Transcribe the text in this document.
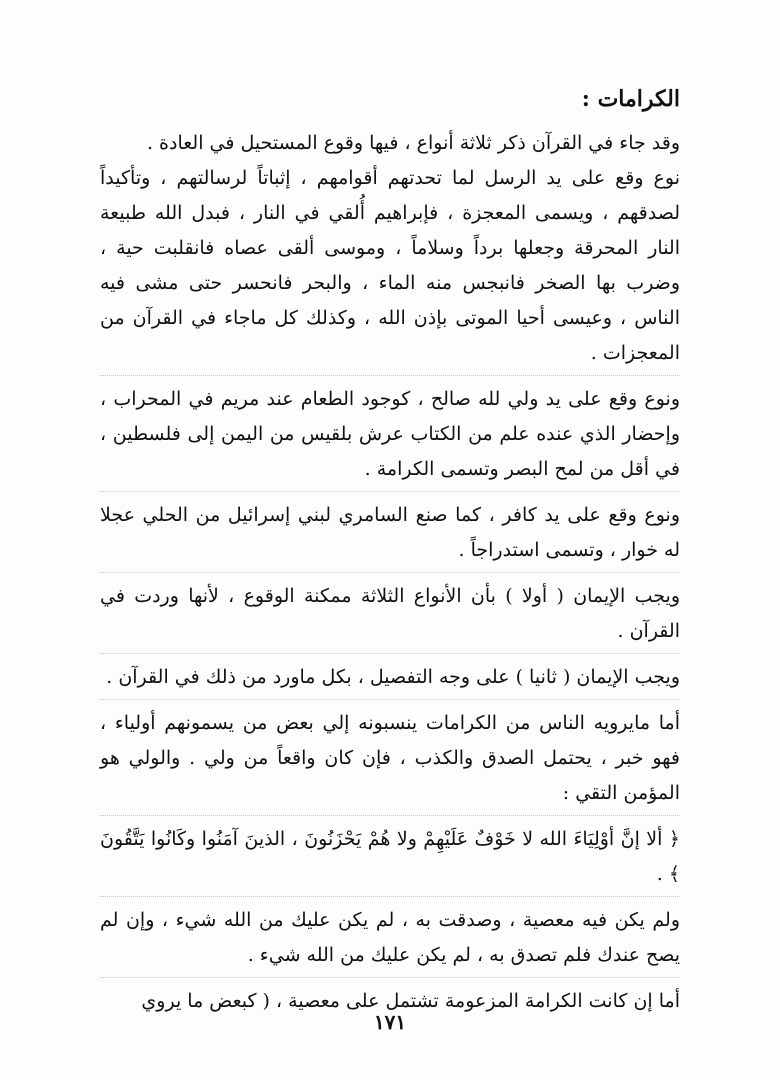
الكرامات :

وقد جاء في القرآن ذكر ثلاثة أنواع ، فيها وقوع المستحيل في العادة .

نوع وقع على يد الرسل لما تحدتهم أقوامهم ، إثباتاً لرسالتهم ، وتأكيداً لصدقهم ، ويسمى المعجزة ، فإبراهيم أُلقي في النار ، فبدل الله طبيعة النار المحرقة وجعلها برداً وسلاماً ، وموسى ألقى عصاه فانقلبت حية ، وضرب بها الصخر فانبجس منه الماء ، والبحر فانحسر حتى مشى فيه الناس ، وعيسى أحيا الموتى بإذن الله ، وكذلك كل ماجاء في القرآن من المعجزات .

ونوع وقع على يد ولي لله صالح ، كوجود الطعام عند مريم في المحراب ، وإحضار الذي عنده علم من الكتاب عرش بلقيس من اليمن إلى فلسطين ، في أقل من لمح البصر وتسمى الكرامة .

ونوع وقع على يد كافر ، كما صنع السامري لبني إسرائيل من الحلي عجلا له خوار ، وتسمى استدراجاً .

ويجب الإيمان ( أولا ) بأن الأنواع الثلاثة ممكنة الوقوع ، لأنها وردت في القرآن .

ويجب الإيمان ( ثانيا ) على وجه التفصيل ، بكل ماورد من ذلك في القرآن .

أما مايرويه الناس من الكرامات ينسبونه إلي بعض من يسمونهم أولياء ، فهو خبر ، يحتمل الصدق والكذب ، فإن كان واقعاً من ولي . والولي هو المؤمن التقي :

﴿ ألا إنَّ أوْلِيَاءَ الله لا خَوْفٌ عَلَيْهِمْ ولا هُمْ يَحْزَنُونَ ، الذينَ آمَنُوا وكَانُوا يَتَّقُونَ ﴾ .

ولم يكن فيه معصية ، وصدقت به ، لم يكن عليك من الله شيء ، وإن لم يصح عندك فلم تصدق به ، لم يكن عليك من الله شيء .

أما إن كانت الكرامة المزعومة تشتمل على معصية ، ( كبعض ما يروي

١٧١
